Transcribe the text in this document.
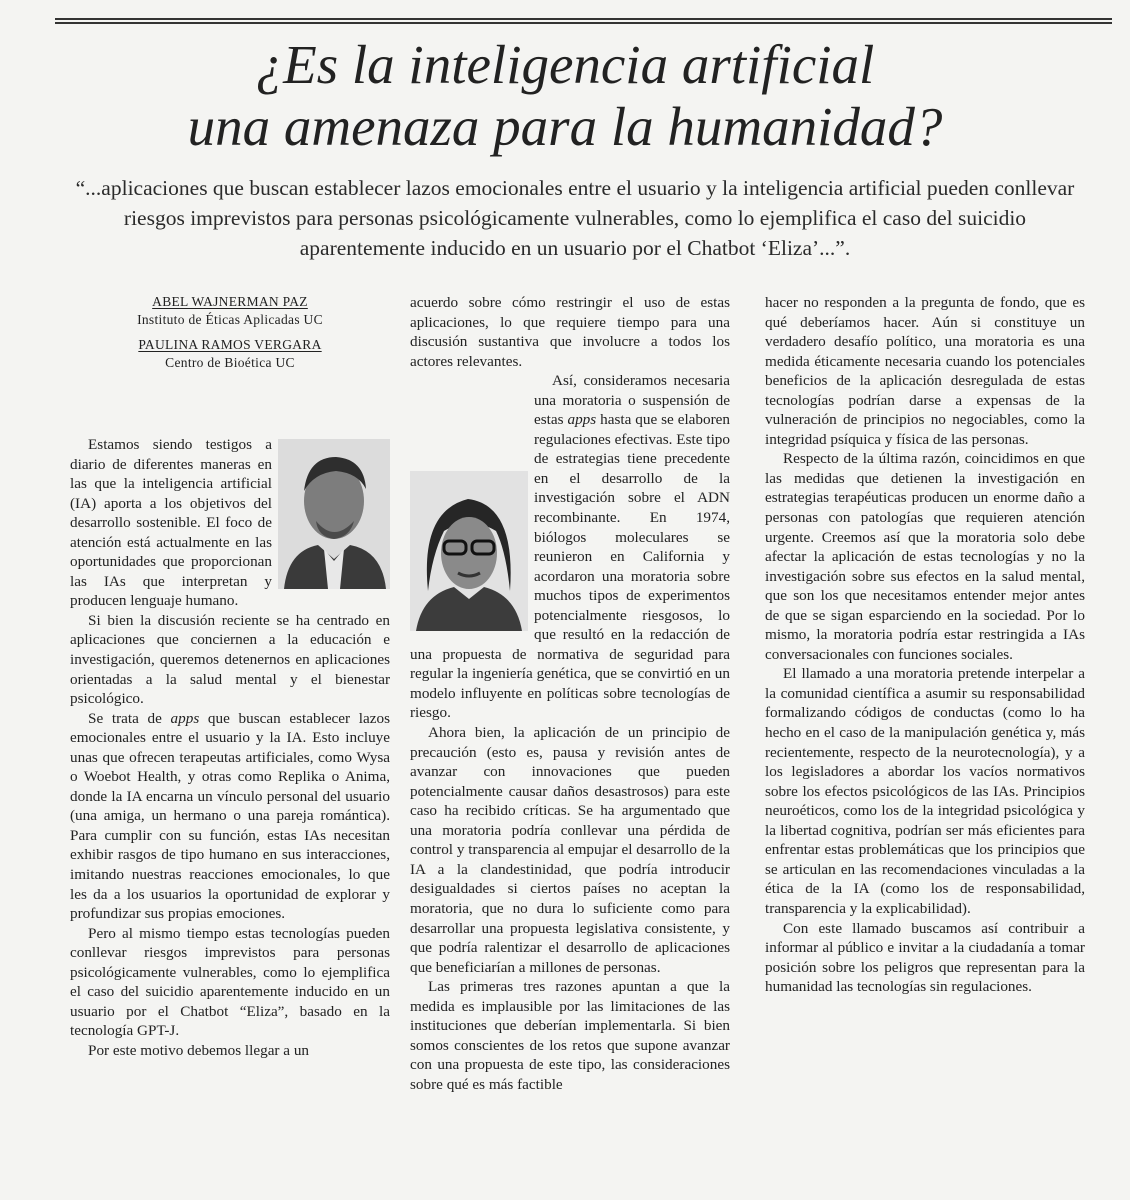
¿Es la inteligencia artificial
una amenaza para la humanidad?
“...aplicaciones que buscan establecer lazos emocionales entre el usuario y la inteligencia artificial pueden conllevar riesgos imprevistos para personas psicológicamente vulnerables, como lo ejemplifica el caso del suicidio aparentemente inducido en un usuario por el Chatbot ‘Eliza’...”.
ABEL WAJNERMAN PAZ
Instituto de Éticas Aplicadas UC
PAULINA RAMOS VERGARA
Centro de Bioética UC

Estamos siendo testigos a diario de diferentes maneras en las que la inteligencia artificial (IA) aporta a los objetivos del desarrollo sostenible. El foco de atención está actualmente en las oportunidades que proporcionan las IAs que interpretan y producen lenguaje humano.

Si bien la discusión reciente se ha centrado en aplicaciones que conciernen a la educación e investigación, queremos detenernos en aplicaciones orientadas a la salud mental y el bienestar psicológico.

Se trata de apps que buscan establecer lazos emocionales entre el usuario y la IA. Esto incluye unas que ofrecen terapeutas artificiales, como Wysa o Woebot Health, y otras como Replika o Anima, donde la IA encarna un vínculo personal del usuario (una amiga, un hermano o una pareja romántica). Para cumplir con su función, estas IAs necesitan exhibir rasgos de tipo humano en sus interacciones, imitando nuestras reacciones emocionales, lo que les da a los usuarios la oportunidad de explorar y profundizar sus propias emociones.

Pero al mismo tiempo estas tecnologías pueden conllevar riesgos imprevistos para personas psicológicamente vulnerables, como lo ejemplifica el caso del suicidio aparentemente inducido en un usuario por el Chatbot “Eliza”, basado en la tecnología GPT-J.

Por este motivo debemos llegar a un

acuerdo sobre cómo restringir el uso de estas aplicaciones, lo que requiere tiempo para una discusión sustantiva que involucre a todos los actores relevantes.

Así, consideramos necesaria una moratoria o suspensión de estas apps hasta que se elaboren regulaciones efectivas. Este tipo de estrategias tiene precedente en el desarrollo de la investigación sobre el ADN recombinante. En 1974, biólogos moleculares se reunieron en California y acordaron una moratoria sobre muchos tipos de experimentos potencialmente riesgosos, lo que resultó en la redacción de una propuesta de normativa de seguridad para regular la ingeniería genética, que se convirtió en un modelo influyente en políticas sobre tecnologías de riesgo.

Ahora bien, la aplicación de un principio de precaución (esto es, pausa y revisión antes de avanzar con innovaciones que pueden potencialmente causar daños desastrosos) para este caso ha recibido críticas. Se ha argumentado que una moratoria podría conllevar una pérdida de control y transparencia al empujar el desarrollo de la IA a la clandestinidad, que podría introducir desigualdades si ciertos países no aceptan la moratoria, que no dura lo suficiente como para desarrollar una propuesta legislativa consistente, y que podría ralentizar el desarrollo de aplicaciones que beneficiarían a millones de personas.

Las primeras tres razones apuntan a que la medida es implausible por las limitaciones de las instituciones que deberían implementarla. Si bien somos conscientes de los retos que supone avanzar con una propuesta de este tipo, las consideraciones sobre qué es más factible

hacer no responden a la pregunta de fondo, que es qué deberíamos hacer. Aún si constituye un verdadero desafío político, una moratoria es una medida éticamente necesaria cuando los potenciales beneficios de la aplicación desregulada de estas tecnologías podrían darse a expensas de la vulneración de principios no negociables, como la integridad psíquica y física de las personas.

Respecto de la última razón, coincidimos en que las medidas que detienen la investigación en estrategias terapéuticas producen un enorme daño a personas con patologías que requieren atención urgente. Creemos así que la moratoria solo debe afectar la aplicación de estas tecnologías y no la investigación sobre sus efectos en la salud mental, que son los que necesitamos entender mejor antes de que se sigan esparciendo en la sociedad. Por lo mismo, la moratoria podría estar restringida a IAs conversacionales con funciones sociales.

El llamado a una moratoria pretende interpelar a la comunidad científica a asumir su responsabilidad formalizando códigos de conductas (como lo ha hecho en el caso de la manipulación genética y, más recientemente, respecto de la neurotecnología), y a los legisladores a abordar los vacíos normativos sobre los efectos psicológicos de las IAs. Principios neuroéticos, como los de la integridad psicológica y la libertad cognitiva, podrían ser más eficientes para enfrentar estas problemáticas que los principios que se articulan en las recomendaciones vinculadas a la ética de la IA (como los de responsabilidad, transparencia y la explicabilidad).

Con este llamado buscamos así contribuir a informar al público e invitar a la ciudadanía a tomar posición sobre los peligros que representan para la humanidad las tecnologías sin regulaciones.
